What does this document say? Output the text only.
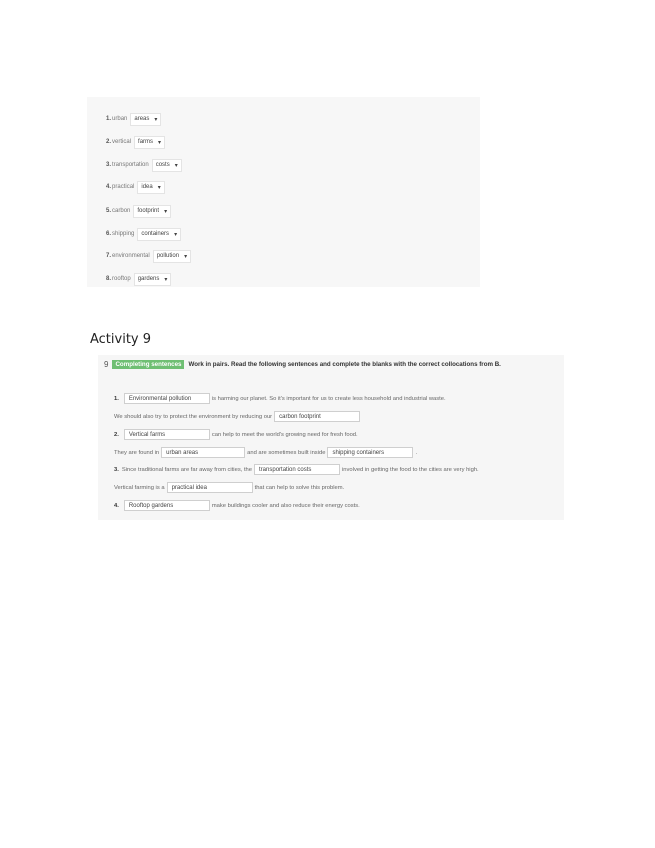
1. urban areas ▾
2. vertical farms ▾
3. transportation costs ▾
4. practical idea ▾
5. carbon footprint ▾
6. shipping containers ▾
7. environmental pollution ▾
8. rooftop gardens ▾
Activity 9
9	Completing sentences	Work in pairs. Read the following sentences and complete the blanks with the correct collocations from B.
1.	Environmental pollution	is harming our planet. So it's important for us to create less household and industrial waste.
We should also try to protect the environment by reducing our	carbon footprint
2.	Vertical farms	can help to meet the world's growing need for fresh food.
They are found in	urban areas	and are sometimes built inside	shipping containers	.
3. Since traditional farms are far away from cities, the	transportation costs	involved in getting the food to the cities are very high.
Vertical farming is a	practical idea	that can help to solve this problem.
4.	Rooftop gardens	make buildings cooler and also reduce their energy costs.
